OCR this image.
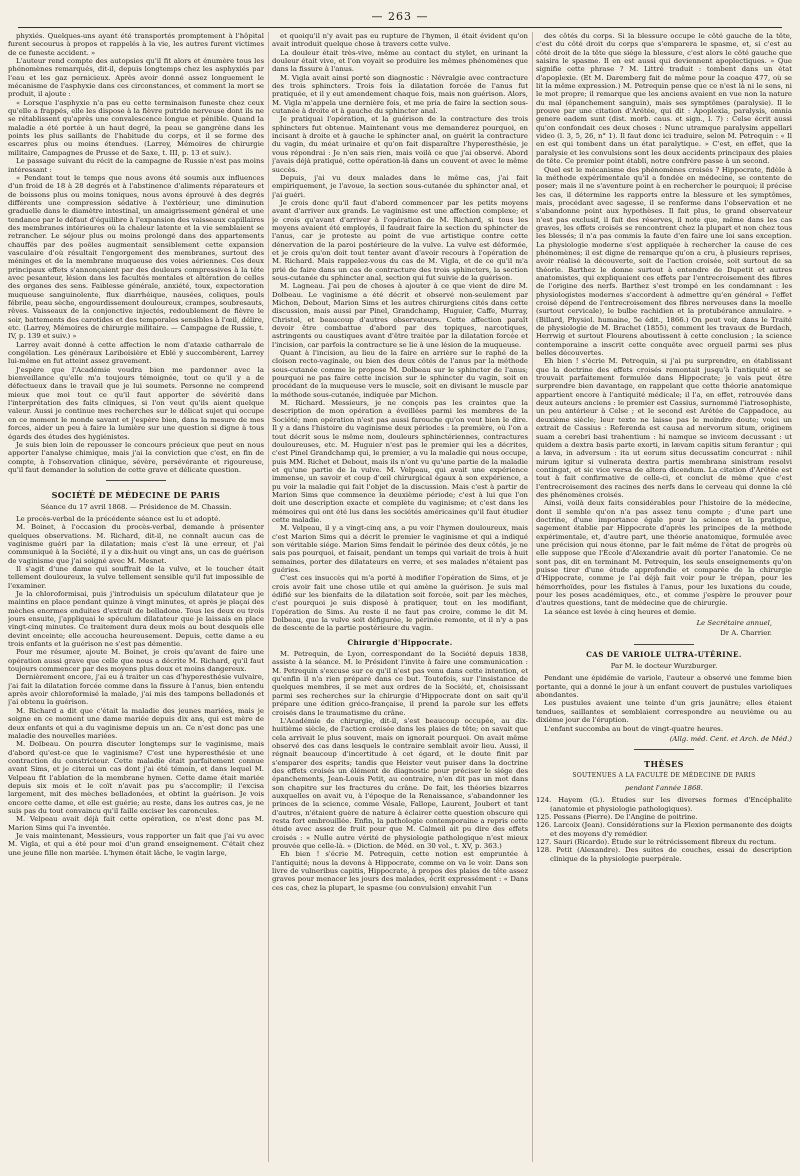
— 263 —

phyxiés. Quelques-uns ayant été transportés promptement à l'hôpital furent secourus à propos et rappelés à la vie, les autres furent victimes de ce funeste accident. »

L'auteur rend compte des autopsies qu'il fit alors et énumère tous les phénomènes remarqués, dit-il, depuis longtemps chez les asphyxiés par l'eau et les gaz pernicieux. Après avoir donné assez longuement le mécanisme de l'asphyxie dans ces circonstances, et comment la mort se produit, il ajoute :

« Lorsque l'asphyxie n'a pas eu cette terminaison funeste chez ceux qu'elle a frappés, elle les dispose à la fièvre putride nerveuse dont ils ne se rétablissent qu'après une convalescence longue et pénible. Quand la maladie a été portée à un haut degré, la peau se gangrène dans les points les plus saillants de l'habitude du corps, et il se forme des escarres plus ou moins étendues. (Larrey, Mémoires de chirurgie militaire, Campagnes de Prusse et de Saxe, t. III, p. 13 et suiv.).

Le passage suivant du récit de la campagne de Russie n'est pas moins intéressant :

« Pendant tout le temps que nous avons été soumis aux influences d'un froid de 18 à 28 degrés et à l'abstinence d'aliments réparateurs et de boissons plus ou moins toniques, nous avons éprouvé à des degrés différents une compression sédative à l'extérieur, une diminution graduelle dans le diamètre intestinal, un amaigrissement général et une tendance par le défaut d'équilibre à l'expansion des vaisseaux capillaires des membranes intérieures où la chaleur latente et la vie semblaient se retrancher. Le séjour plus ou moins prolongé dans des appartements chauffés par des poêles augmentait sensiblement cette expansion vasculaire d'où résultait l'engorgement des membranes, surtout des méninges et de la membrane muqueuse des voies aériennes. Ces deux principaux effets s'annonçaient par des douleurs compressives à la tête avec pesanteur, lésion dans les facultés mentales et altération de celles des organes des sens. Faiblesse générale, anxiété, toux, expectoration muqueuse sanguinolente, flux diarrhéique, nausées, coliques, pouls fébrile, peau sèche, engourdissement douloureux, crampes, soubresauts, rêves. Vaisseaux de la conjonctive injectés, redoublement de fièvre le soir, battements des carotides et des temporales sensibles à l'œil, délire, etc. (Larrey, Mémoires de chirurgie militaire. — Campagne de Russie, t. IV, p. 139 et suiv.) »

Larrey avait donné à cette affection le nom d'ataxie catharrale de congélation. Les généraux Lariboisière et Eblé y succombèrent, Larrey lui-même en fut atteint assez gravement.

J'espère que l'Académie voudra bien me pardonner avec la bienveillance qu'elle m'a toujours témoignée, tout ce qu'il y a de défectueux dans le travail que je lui soumets. Personne ne comprend mieux que moi tout ce qu'il faut apporter de sévérité dans l'interprétation des faits cliniques, si l'on veut qu'ils aient quelque valeur. Aussi je continue mes recherches sur le délicat sujet qui occupe en ce moment le monde savant et j'espère bien, dans la mesure de mes forces, aider un peu à faire la lumière sur une question si digne à tous égards des études des hygiénistes.

Je suis bien loin de repousser le concours précieux que peut en nous apporter l'analyse chimique, mais j'ai la conviction que c'est, en fin de compte, à l'observation clinique, sévère, persévérante et rigoureuse, qu'il faut demander la solution de cette grave et délicate question.

SOCIÉTÉ DE MÉDECINE DE PARIS
Séance du 17 avril 1868. — Présidence de M. Chassin.

Le procès-verbal de la précédente séance est lu et adopté.

M. Boinet, à l'occasion du procès-verbal, demande à présenter quelques observations. M. Richard, dit-il, ne connaît aucun cas de vaginisme guéri par la dilatation; mais c'est là une erreur, et j'ai communiqué à la Société, il y a dix-huit ou vingt ans, un cas de guérison de vaginisme que j'ai soigné avec M. Mesnet.

Il s'agit d'une dame qui souffrait de la vulve, et le toucher était tellement douloureux, la vulve tellement sensible qu'il fut impossible de l'examiner.

Je la chloroformisai, puis j'introduisis un spéculum dilatateur que je maintins en place pendant quinze à vingt minutes, et après je plaçai des mèches enormes enduites d'extrait de belladone. Tous les deux ou trois jours ensuite, j'appliquai le spéculum dilatateur que je laissais en place vingt-cinq minutes. Ce traitement dura deux mois au bout desquels elle devint enceinte; elle accoucha heureusement. Depuis, cette dame a eu trois enfants et la guérison ne s'est pas démentie.

Pour me résumer, ajoute M. Boinet, je crois qu'avant de faire une opération aussi grave que celle que nous a décrite M. Richard, qu'il faut toujours commencer par des moyens plus doux et moins dangereux.

Dernièrement encore, j'ai eu à traiter un cas d'hyperesthésie vulvaire, j'ai fait la dilatation forcée comme dans la fissure à l'anus, bien entendu après avoir chloroformisé la malade, j'ai mis des tampons belladonés et j'ai obtenu la guérison.

M. Richard a dit que c'était la maladie des jeunes mariées, mais je soigne en ce moment une dame mariée depuis dix ans, qui est mère de deux enfants et qui a du vaginisme depuis un an. Ce n'est donc pas une maladie des nouvelles mariées.

M. Dolbeau. On pourra discuter longtemps sur le vaginisme, mais d'abord qu'est-ce que le vaginisme? C'est une hyperesthésie et une contraction du constricteur. Cette maladie était parfaitement connue avant Sims, et je citerai un cas dont j'ai été témoin, et dans lequel M. Velpeau fit l'ablation de la membrane hymen. Cette dame était mariée depuis six mois et le coït n'avait pas pu s'accomplir; il l'excisa largement, mit des mèches belladonées, et obtint la guérison. Je vois encore cette dame, et elle est guérie; au reste, dans les autres cas, je ne suis pas du tout convaincu qu'il faille exciser les caroncules.

M. Velpeau avait déjà fait cette opération, ce n'est donc pas M. Marion Sims qui l'a inventée.

Je vais maintenant, Messieurs, vous rapporter un fait que j'ai vu avec M. Vigla, et qui a été pour moi d'un grand enseignement. C'était chez une jeune fille non mariée. L'hymen était lâche, le vagin large,

et quoiqu'il n'y avait pas eu rupture de l'hymen, il était évident qu'on avait introduit quelque chose à travers cette vulve.

La douleur était très-vive, même au contact du stylet, en urinant la douleur était vive, et l'on voyait se produire les mêmes phénomènes que dans la fissure à l'anus.

M. Vigla avait ainsi porté son diagnostic : Névralgie avec contracture des trois sphincters. Trois fois la dilatation forcée de l'anus fut pratiquée, et il y eut amendement chaque fois, mais non guérison. Alors, M. Vigla m'appela une dernière fois, et me pria de faire la section sous-cutanée à droite et à gauche du sphincter anal.

Je pratiquai l'opération, et la guérison de la contracture des trois sphincters fut obtenue. Maintenant vous me demanderez pourquoi, en incisant à droite et à gauche le sphincter anal, on guérit la contracture du vagin, du méat urinaire et qu'on fait disparaître l'hyperesthésie, je vous répondrai : Je n'en sais rien, mais voilà ce que j'ai observé. Abord j'avais déjà pratiqué, cette opération-là dans un couvent et avec le même succès.

Depuis, j'ai vu deux malades dans le même cas, j'ai fait empiriquement, je l'avoue, la section sous-cutanée du sphincter anal, et j'ai guéri.

Je crois donc qu'il faut d'abord commencer par les petits moyens avant d'arriver aux grands. Le vaginisme est une affection complexe; et je crois qu'avant d'arriver à l'opération de M. Richard, si tous les moyens avaient été employés, il faudrait faire la section du sphincter de l'anus, car je proteste au point de vue artistique contre cette dénervation de la paroi postérieure de la vulve. La vulve est déformée, et je crois qu'on doit tout tenter avant d'avoir recours à l'opération de M. Richard. Mais rappelez-vous du cas de M. Vigla, et de ce qu'il m'a prié de faire dans un cas de contracture des trois sphincters, la section sous-cutanée du sphincter anal, section qui fut suivie de la guérison.

M. Lagneau. J'ai peu de choses à ajouter à ce que vient de dire M. Dolbeau. Le vaginisme a été décrit et observé non-seulement par Michon, Debout, Marion Sims et les autres chirurgiens cités dans cette discussion, mais aussi par Pinel, Grandchamp, Huguier, Caffe, Murray, Christol, et beaucoup d'autres observateurs. Cette affection paraît devoir être combattue d'abord par des topiques, narcotiques, astringents ou caustiques avant d'être traitée par la dilatation forcée et l'incision, car parfois la contracture se lie à une lésion de la muqueuse.

Quant à l'incision, au lieu de la faire en arrière sur le raphé de la cloison recto-vaginale, ou bien des deux côtés de l'anus par la méthode sous-cutanée comme le propose M. Dolbeau sur le sphincter de l'anus; pourquoi ne pas faire cette incision sur le sphincter du vagin, soit en procédant de la muqueuse vers le muscle, soit en divisant le muscle par la méthode sous-cutanée, indiquée par Michon.

M. Richard. Messieurs, je ne conçois pas les craintes que la description de mon opération a éveillées parmi les membres de la Société; mon opération n'est pas aussi farouche qu'on veut bien le dire. Il y a dans l'histoire du vaginisme deux périodes : la première, où l'on a tout décrit sous le même nom, douleurs sphinctériennes, contractures douloureuses, etc. M. Huguier n'est pas le premier qui les a décrites, c'est Pinel Grandchamp qui, le premier, a vu la maladie qui nous occupe, puis MM. Richet et Debout, mais ils n'ont vu qu'une partie de la maladie et qu'une partie de la vulve. M. Velpeau, qui avait une expérience immense, un savoir et coup d'œil chirurgical égaux à son expérience, a pu voir la maladie qui fait l'objet de la discussion. Mais c'est à partir de Marion Sims que commence la deuxième période; c'est à lui que l'on doit une description exacte et complète du vaginisme; et c'est dans les mémoires qui ont été lus dans les sociétés américaines qu'il faut étudier cette maladie.

M. Velpeau, il y a vingt-cinq ans, a pu voir l'hymen douloureux, mais c'est Marion Sims qui a décrit le premier le vaginisme et qui a indiqué son véritable siége. Marion Sims fendait le périnée des deux côtés, je ne sais pas pourquoi, et faisait, pendant un temps qui variait de trois à huit semaines, porter des dilatateurs en verre, et ses malades n'étaient pas guéries.

C'est ces insuccès qui m'a porté à modifier l'opération de Sims, et je crois avoir fait une chose utile et qui amène la guérison. Je suis mal édifié sur les bienfaits de la dilatation soit forcée, soit par les mèches, c'est pourquoi je suis disposé à pratiquer, tout en les modifiant, l'opération de Sims. Au reste il ne faut pas croire, comme le dit M. Dolbeau, que la vulve soit défigurée, le périnée remonte, et il n'y a pas de descente de la partie postérieure du vagin.

Chirurgie d'Hippocrate.

M. Petrequin, de Lyon, correspondant de la Société depuis 1838, assiste à la séance. M. le Président l'invite à faire une communication : M. Petrequin s'excuse sur ce qu'il n'est pas venu dans cette intention, et qu'enfin il n'a rien préparé dans ce but. Toutefois, sur l'insistance de quelques membres, il se met aux ordres de la Société, et, choisissant parmi ses recherches sur la chirurgie d'Hippocrate dont on sait qu'il prépare une édition gréco-française, il prend la parole sur les effets croisés dans le traumatisme du crâne.

L'Académie de chirurgie, dit-il, s'est beaucoup occupée, au dix-huitième siècle, de l'action croisée dans les plaies de tête; on savait que cela arrivait le plus souvent, mais on ignorait pourquoi. On avait même observé des cas dans lesquels le contraire semblait avoir lieu. Aussi, il régnait beaucoup d'incertitude à cet égard, et le doute finit par s'emparer des esprits; tandis que Heister veut puiser dans la doctrine des effets croisés un élément de diagnostic pour préciser le siége des épanchements, Jean-Louis Petit, au contraire, n'en dit pas un mot dans son chapitre sur les fractures du crâne. De fait, les théories bizarres auxquelles on avait vu, à l'époque de la Renaissance, s'abandonner les princes de la science, comme Vésale, Fallope, Laurent, Joubert et tant d'autres, n'étaient guère de nature à éclairer cette question obscure qui resta fort embrouillée. Enfin, la pathologie contemporaine a repris cette étude avec assez de fruit pour que M. Calmeil ait pu dire des effets croisés : « Nulle autre vérité de physiologie pathologique n'est mieux prouvée que celle-là. » (Diction. de Méd. en 30 vol., t. XV, p. 363.)

Eh bien ! s'écrie M. Petrequin, cette notion est empruntée à l'antiquité; nous la devons à Hippocrate, comme on va le voir. Dans son livre de vulneribus capitis, Hippocrate, à propos des plaies de tête assez graves pour menacer les jours des malades, écrit expressément : « Dans ces cas, chez la plupart, le spasme (ou convulsion) envahit l'un

des côtés du corps. Si la blessure occupe le côté gauche de la tête, c'est du côté droit du corps que s'emparera le spasme, et, si c'est au côté droit de la tête que siége la blessure, c'est alors le côté gauche que saisira le spasme. Il en est aussi qui deviennent apoplectiques. » Que signifie cette phrase ? M. Littré traduit : tombent dans un état d'apoplexie. (Et M. Daremberg fait de même pour la coaque 477, où se lit la même expression.) M. Petrequin pense que ce n'est là ni le sens, ni le mot propre; il remarque que les anciens avaient en vue non la nature du mal (épanchement sanguin), mais ses symptômes (paralysie). Il le prouve par une citation d'Arétée, qui dit : Apoplexia, paralysis, omnia genere eadem sunt (dist. morb. caus. et sign., l. 7) : Celse écrit aussi qu'on confondait ces deux choses : Nunc utramque paralysim appellari video (l. 3, 5, 26, n° 1). Il faut donc ici traduire, selon M. Petrequin : « Il en est qui tombent dans un état paralytique. » C'est, en effet, que la paralysie et les convulsions sont les deux accidents principaux des plaies de tête. Ce premier point établi, notre confrère passe à un second.

Quel est le mécanisme des phénomènes croisés ? Hippocrate, fidèle à la méthode expérimentale qu'il a fondée en médecine, se contente de poser; mais il ne s'aventure point à en rechercher le pourquoi; il précise les cas, il détermine les rapports entre la blessure et les symptômes, mais, procédant avec sagesse, il se renferme dans l'observation et ne s'abandonne point aux hypothèses. Il fait plus, le grand observateur n'est pas exclusif, il fait des réserves, il note que, même dans les cas graves, les effets croisés se rencontrent chez la plupart et non chez tous les blessés; il n'a pas commis la faute d'en faire une loi sans exception. La physiologie moderne s'est appliquée à rechercher la cause de ces phénomènes; il est digne de remarque qu'on a cru, à plusieurs reprises, avoir réalisé la découverte, soit de l'action croisée, soit surtout de sa théorie. Barthez le donne surtout à entendre de Dupetit et autres anatomistes, qui expliquaient ces effets par l'entrecroisement des fibres de l'origine des nerfs. Barthez s'est trompé en les condamnant : les physiologistes modernes s'accordent à admettre qu'en général « l'effet croisé dépend de l'entrecroisement des fibres nerveuses dans la moelle (surtout cervicale), le bulbe rachidien et la protubérance annulaire. » (Billard, Physiol. humaine, 5e édit., 1866.) On peut voir, dans le Traité de physiologie de M. Brachet (1855), comment les travaux de Burdach, Herrwig et surtout Flourens aboutissent à cette conclusion ; la science contemporaine a inscrit cette conquête avec orgueil parmi ses plus belles découvertes.

Eh bien ! s'écrie M. Petrequin, si j'ai pu surprendre, en établissant que la doctrine des effets croisés remontait jusqu'à l'antiquité et se trouvait parfaitement formulée dans Hippocrate; je vais peut être surprendre bien davantage, en rappelant que cette théorie anatomique appartient encore à l'antiquité médicale; il l'a, en effet, retrouvée dans deux auteurs anciens : le premier est Cassius, surnommé l'iatrosophiste, un peu antérieur à Celse ; et le second est Arétée de Cappadoce, au deuxième siècle; leur texte ne laisse pas le moindre doute; voici un extrait de Cassius : Referenda est causa ad nervorum situm, originem suam a cerebri basi trahentium : hi namque se invicem decussant : ut quidem a dextra basis parte exorti, in lævam capitis situm ferantur ; qui a læva, in adversum : ita ut eorum situs decussatim concurrat : nihil mirum igitur si vulnerata dextra partis membrana sinistram resolvi contingat, et sic vice versa de altera dicendum. La citation d'Arétée est tout à fait confirmative de celle-ci, et conclut de même que c'est l'entrecroisement des racines des nerfs dans le cerveau qui donne la clé des phénomènes croisés.

Ainsi, voilà deux faits considérables pour l'histoire de la médecine, dont il semble qu'on n'a pas assez tenu compte ; d'une part une doctrine, d'une importance égale pour la science et la pratique, sagement établie par Hippocrate d'après les principes de la méthode expérimentale, et, d'autre part, une théorie anatomique, formulée avec une précision qui nous étonne, par le fait même de l'état de progrès où elle suppose que l'École d'Alexandrie avait dû porter l'anatomie. Ce ne sont pas, dit en terminant M. Petrequin, les seuls enseignements qu'on puisse tirer d'une étude approfondie et comparée de la chirurgie d'Hippocrate, comme je l'ai déjà fait voir pour le trépan, pour les hémorrhoïdes, pour les fistules à l'anus, pour les luxations du coude, pour les poses académiques, etc., et comme j'espère le prouver pour d'autres questions, tant de médecine que de chirurgie.

La séance est levée à cinq heures et demie.

Le Secrétaire annuel,
Dr A. Charrier.
CAS DE VARIOLE ULTRA-UTÉRINE.
Par M. le docteur Wurzburger.

Pendant une épidémie de variole, l'auteur a observé une femme bien portante, qui a donné le jour à un enfant couvert de pustules varioliques abondantes.

Les pustules avaient une teinte d'un gris jaunâtre; elles étaient tendues, saillantes et semblaient correspondre au neuvième ou au dixième jour de l'éruption.

L'enfant succomba au bout de vingt-quatre heures.

(Allg. méd. Cent. et Arch. de Méd.)
THÈSES
SOUTENUES A LA FACULTÉ DE MÉDECINE DE PARIS
pendant l'année 1868.

124. Hayem (G.). Études sur les diverses formes d'Encéphalite (anatomie et physiologie pathologiques).

125. Pessans (Pierre). De l'Angine de poitrine.

126. Larcoix (Jean). Considérations sur la Flexion permanente des doigts et des moyens d'y remédier.

127. Sauri (Ricardo). Étude sur le rétrécissement fibreux du rectum.

128. Petit (Alexandre). Des suites de couches, essai de description clinique de la physiologie puerpérale.
